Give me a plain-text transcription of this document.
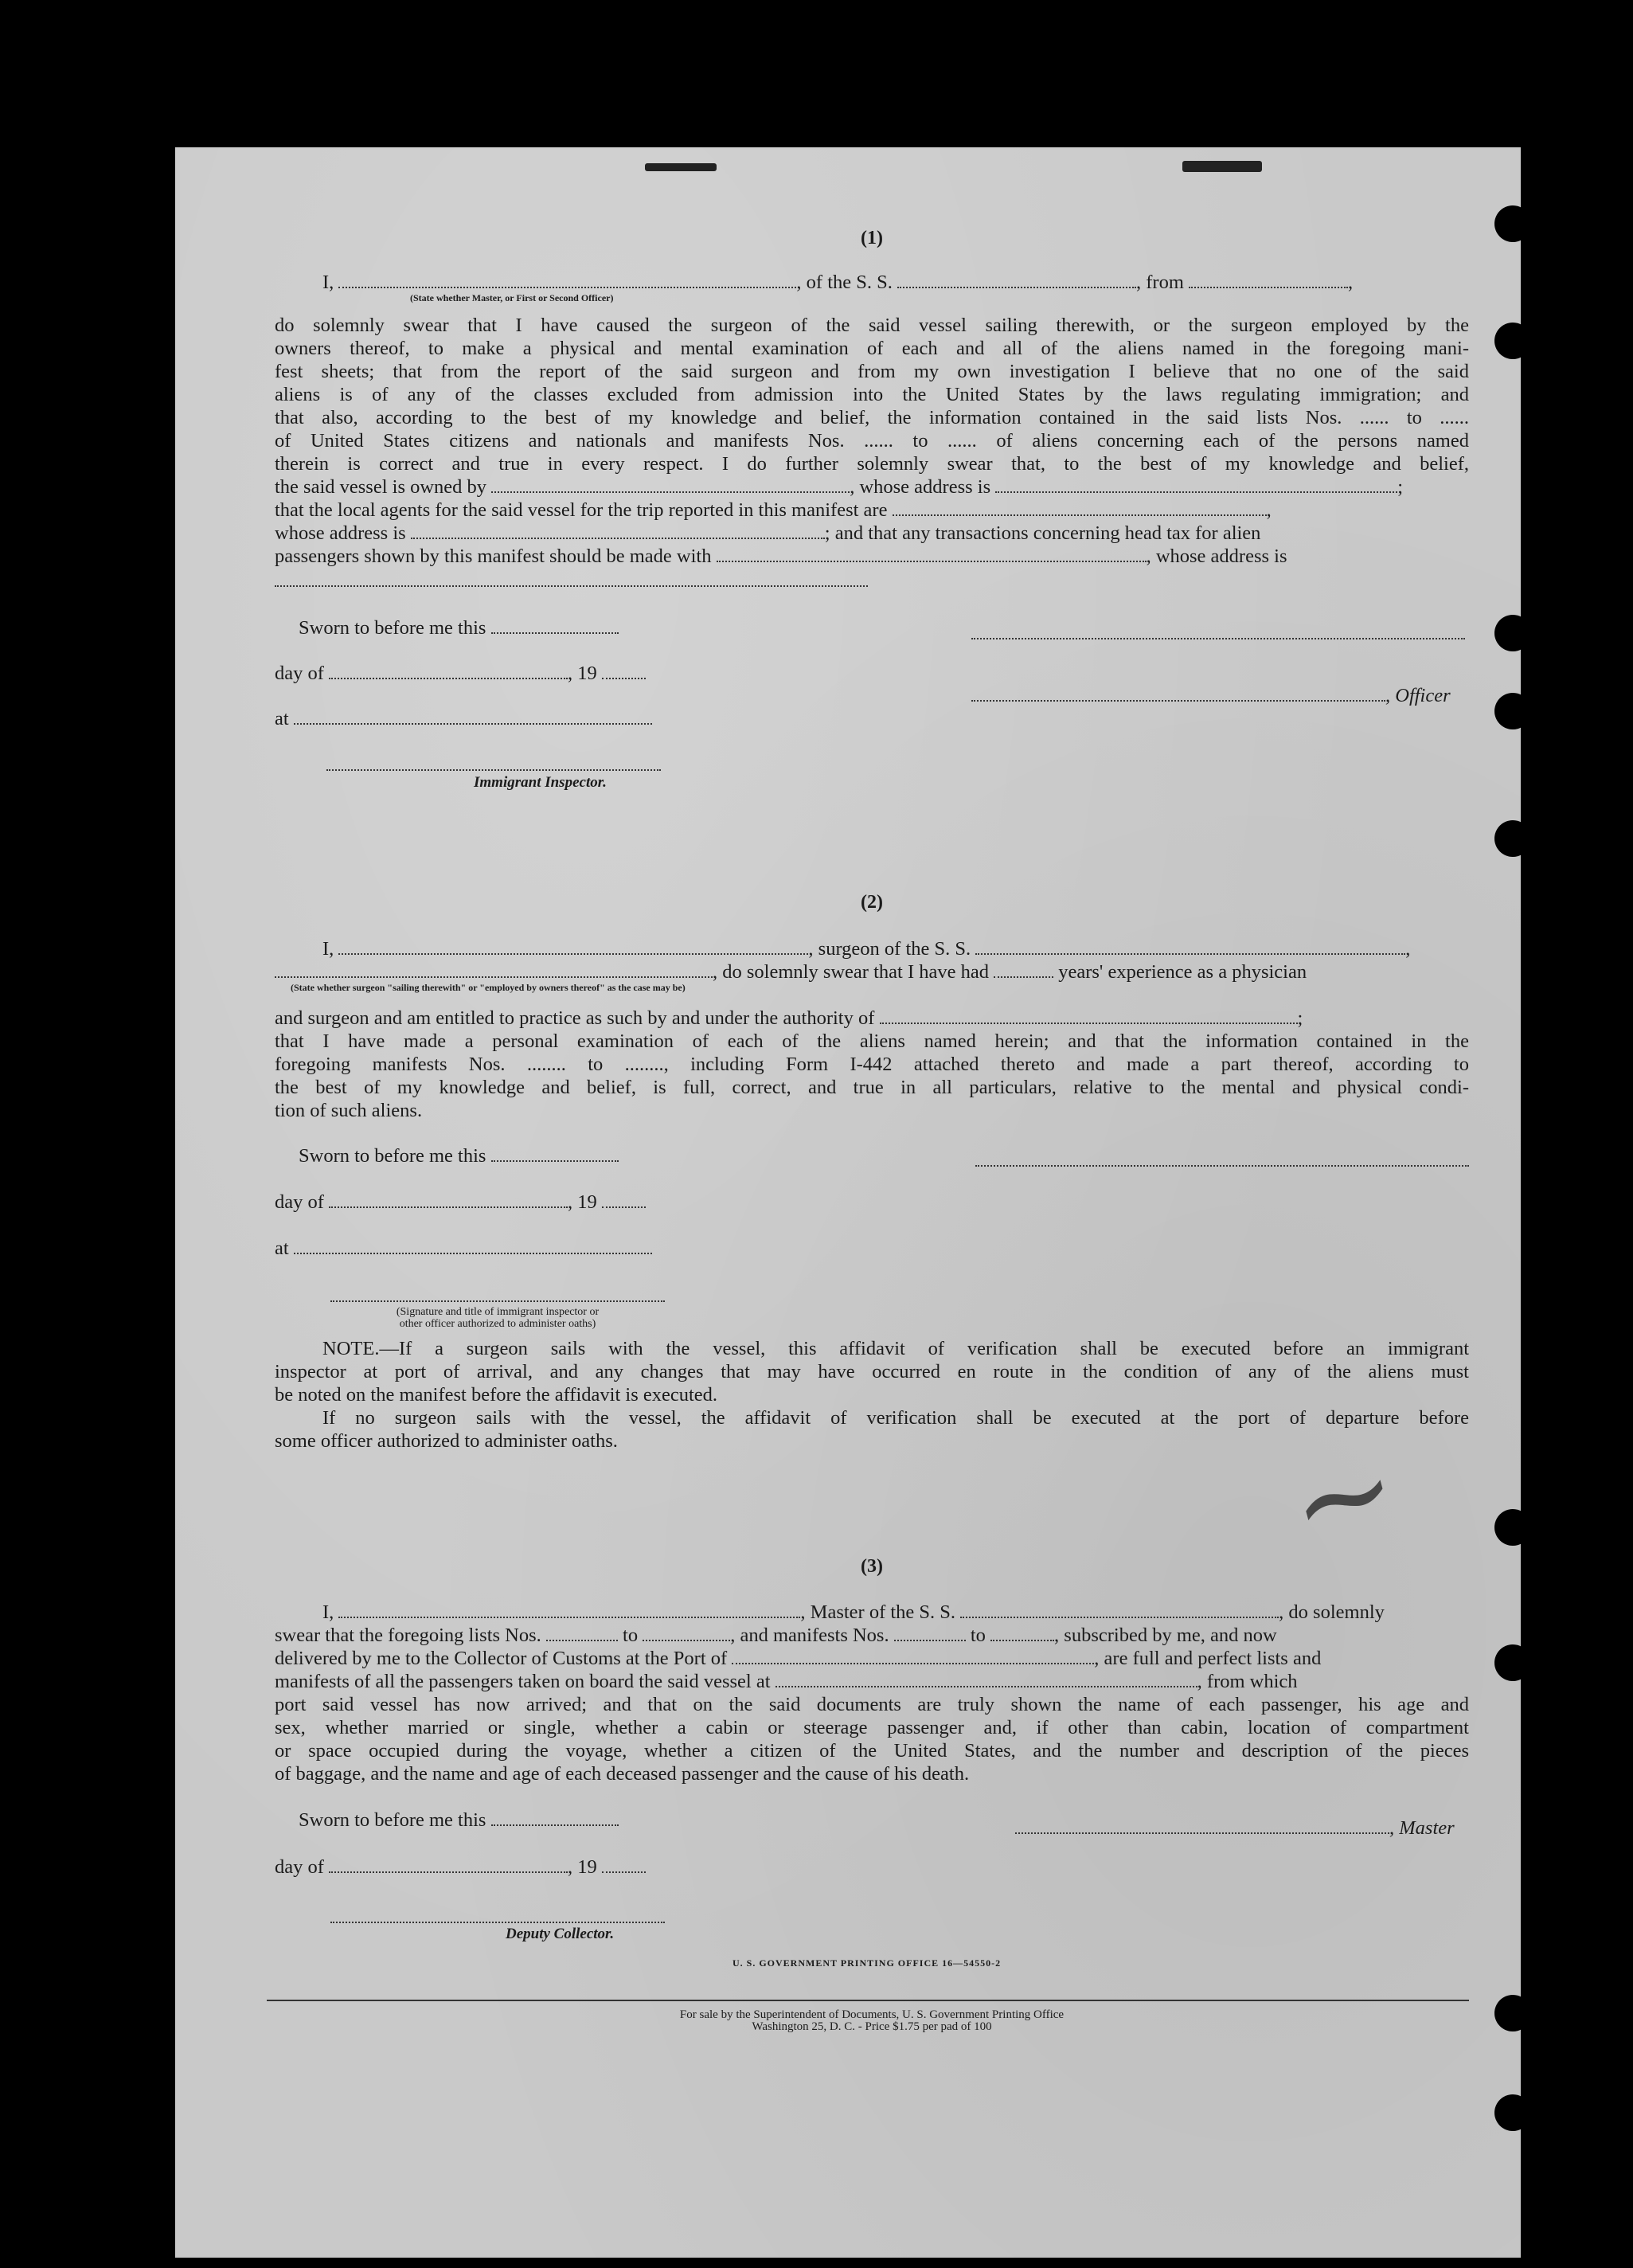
~
(1)
I,	, of the S. S.	, from	,
(State whether Master, or First or Second Officer)
do solemnly swear that I have caused the surgeon of the said vessel sailing therewith, or the surgeon employed by the
owners thereof, to make a physical and mental examination of each and all of the aliens named in the foregoing mani-
fest sheets; that from the report of the said surgeon and from my own investigation I believe that no one of the said
aliens is of any of the classes excluded from admission into the United States by the laws regulating immigration; and
that also, according to the best of my knowledge and belief, the information contained in the said lists Nos. ...... to ......
of United States citizens and nationals and manifests Nos. ...... to ...... of aliens concerning each of the persons named
therein is correct and true in every respect. I do further solemnly swear that, to the best of my knowledge and belief,
the said vessel is owned by	, whose address is	;
that the local agents for the said vessel for the trip reported in this manifest are	,
whose address is	; and that any transactions concerning head tax for alien
passengers shown by this manifest should be made with	, whose address is
Sworn to before me this
day of	, 19
at
, Officer
Immigrant Inspector.
(2)
I,	, surgeon of the S. S.	,
, do solemnly swear that I have had	years' experience as a physician
(State whether surgeon "sailing therewith" or "employed by owners thereof" as the case may be)
and surgeon and am entitled to practice as such by and under the authority of	;
that I have made a personal examination of each of the aliens named herein; and that the information contained in the
foregoing manifests Nos. ........ to ........, including Form I-442 attached thereto and made a part thereof, according to
the best of my knowledge and belief, is full, correct, and true in all particulars, relative to the mental and physical condi-
tion of such aliens.
Sworn to before me this
day of	, 19
at
(Signature and title of immigrant inspector or
other officer authorized to administer oaths)
NOTE.—If a surgeon sails with the vessel, this affidavit of verification shall be executed before an immigrant
inspector at port of arrival, and any changes that may have occurred en route in the condition of any of the aliens must
be noted on the manifest before the affidavit is executed.
If no surgeon sails with the vessel, the affidavit of verification shall be executed at the port of departure before
some officer authorized to administer oaths.
(3)
I,	, Master of the S. S.	, do solemnly
swear that the foregoing lists Nos.	to	, and manifests Nos.	to	, subscribed by me, and now
delivered by me to the Collector of Customs at the Port of	, are full and perfect lists and
manifests of all the passengers taken on board the said vessel at	, from which
port said vessel has now arrived; and that on the said documents are truly shown the name of each passenger, his age and
sex, whether married or single, whether a cabin or steerage passenger and, if other than cabin, location of compartment
or space occupied during the voyage, whether a citizen of the United States, and the number and description of the pieces
of baggage, and the name and age of each deceased passenger and the cause of his death.
Sworn to before me this	, Master
day of	, 19
Deputy Collector.
U. S. GOVERNMENT PRINTING OFFICE 16—54550-2
For sale by the Superintendent of Documents, U. S. Government Printing Office
Washington 25, D. C. - Price $1.75 per pad of 100
